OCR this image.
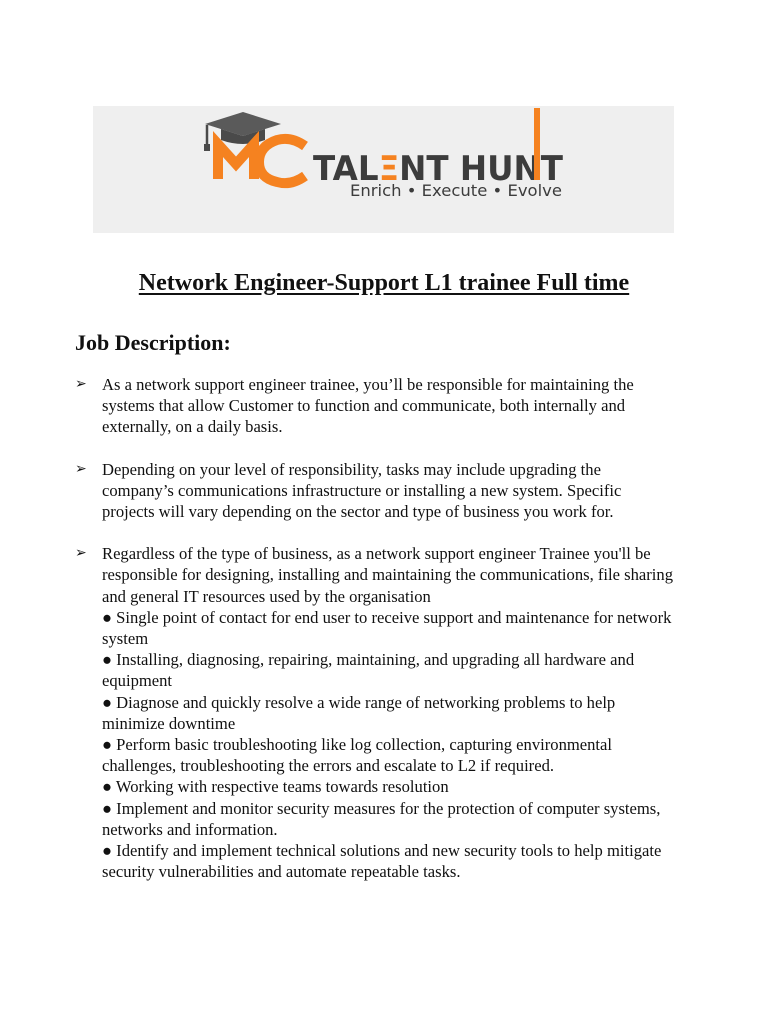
TALΞNT HUNT
Enrich • Execute • Evolve
Network Engineer-Support L1 trainee Full time
Job Description:
➢ As a network support engineer trainee, you’ll be responsible for maintaining the systems that allow Customer to function and communicate, both internally and externally, on a daily basis.
➢ Depending on your level of responsibility, tasks may include upgrading the company’s communications infrastructure or installing a new system. Specific projects will vary depending on the sector and type of business you work for.
➢ Regardless of the type of business, as a network support engineer Trainee you'll be responsible for designing, installing and maintaining the communications, file sharing and general IT resources used by the organisation
● Single point of contact for end user to receive support and maintenance for network system
● Installing, diagnosing, repairing, maintaining, and upgrading all hardware and equipment
● Diagnose and quickly resolve a wide range of networking problems to help minimize downtime
● Perform basic troubleshooting like log collection, capturing environmental challenges, troubleshooting the errors and escalate to L2 if required.
● Working with respective teams towards resolution
● Implement and monitor security measures for the protection of computer systems, networks and information.
● Identify and implement technical solutions and new security tools to help mitigate security vulnerabilities and automate repeatable tasks.
